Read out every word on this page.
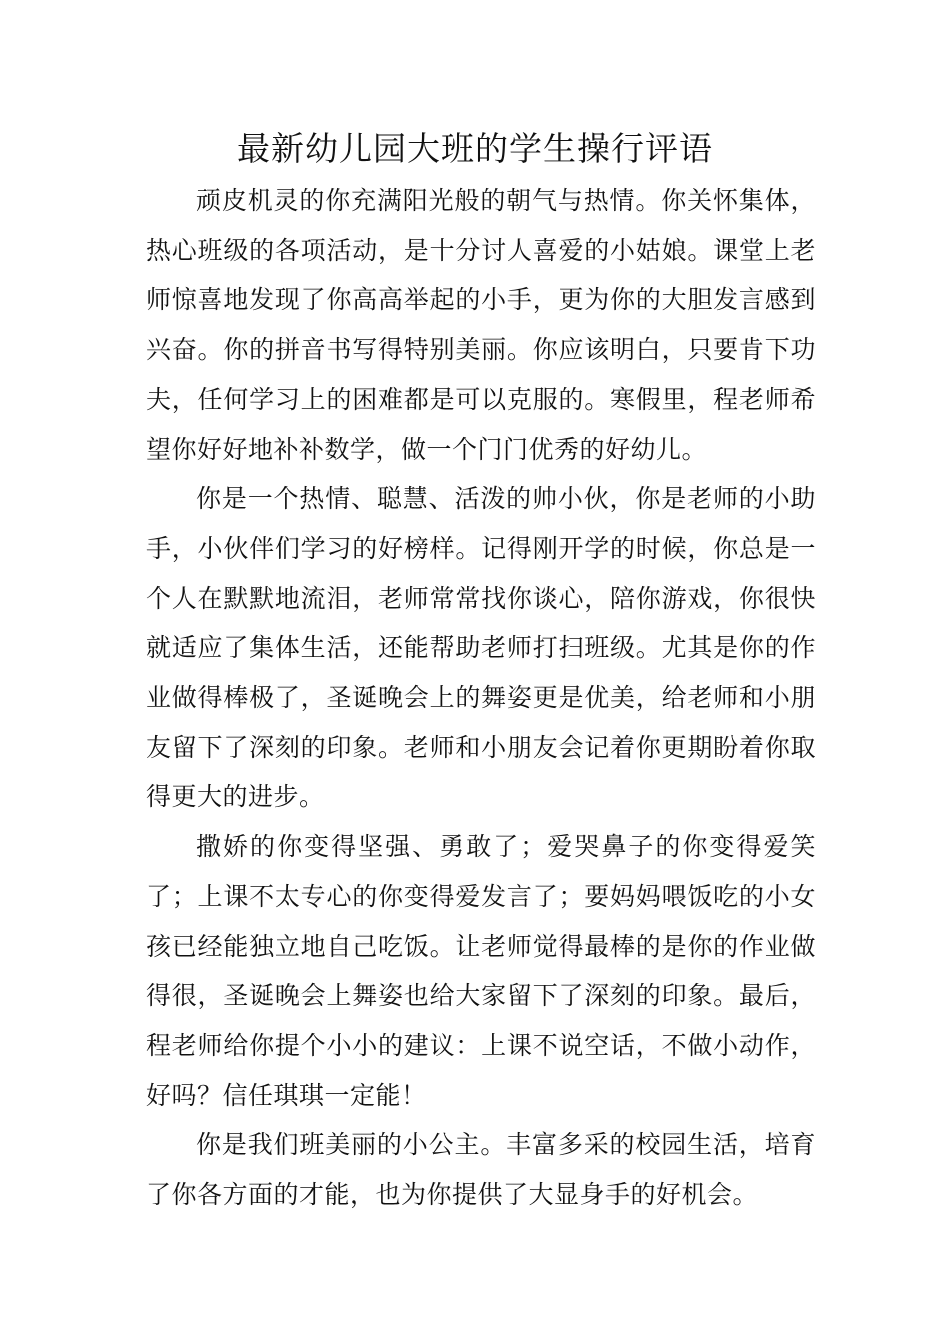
最新幼儿园大班的学生操行评语

顽皮机灵的你充满阳光般的朝气与热情。你关怀集体，热心班级的各项活动，是十分讨人喜爱的小姑娘。课堂上老师惊喜地发现了你高高举起的小手，更为你的大胆发言感到兴奋。你的拼音书写得特别美丽。你应该明白，只要肯下功夫，任何学习上的困难都是可以克服的。寒假里，程老师希望你好好地补补数学，做一个门门优秀的好幼儿。

你是一个热情、聪慧、活泼的帅小伙，你是老师的小助手，小伙伴们学习的好榜样。记得刚开学的时候，你总是一个人在默默地流泪，老师常常找你谈心，陪你游戏，你很快就适应了集体生活，还能帮助老师打扫班级。尤其是你的作业做得棒极了，圣诞晚会上的舞姿更是优美，给老师和小朋友留下了深刻的印象。老师和小朋友会记着你更期盼着你取得更大的进步。

撒娇的你变得坚强、勇敢了；爱哭鼻子的你变得爱笑了；上课不太专心的你变得爱发言了；要妈妈喂饭吃的小女孩已经能独立地自己吃饭。让老师觉得最棒的是你的作业做得很，圣诞晚会上舞姿也给大家留下了深刻的印象。最后，程老师给你提个小小的建议：上课不说空话，不做小动作，好吗？信任琪琪一定能！

你是我们班美丽的小公主。丰富多采的校园生活，培育了你各方面的才能，也为你提供了大显身手的好机会。
